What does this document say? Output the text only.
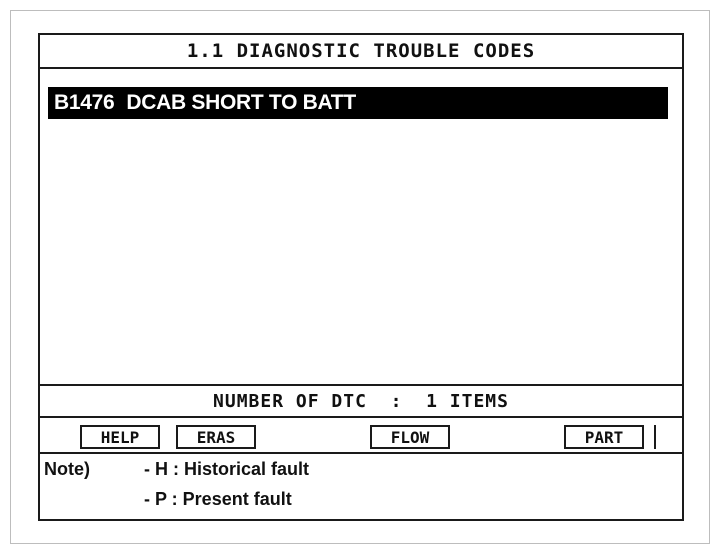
1.1 DIAGNOSTIC TROUBLE CODES
B1476 DCAB SHORT TO BATT
NUMBER OF DTC  :  1 ITEMS
HELP	ERAS	FLOW	PART
Note)	- H : Historical fault
- P : Present fault
